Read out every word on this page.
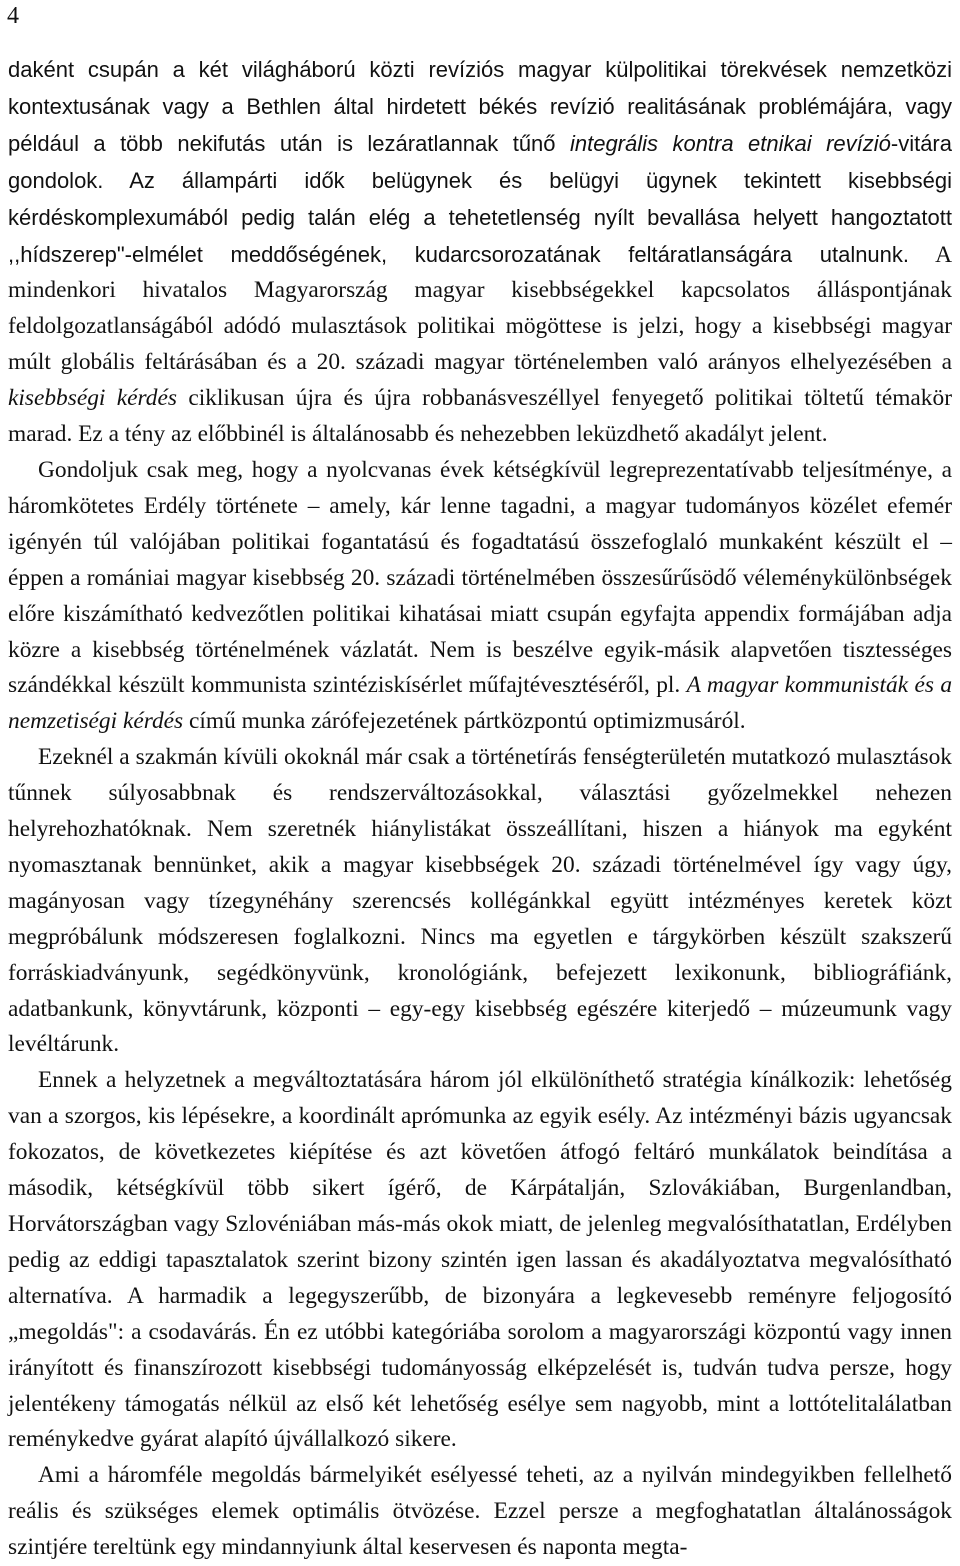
4

daként csupán a két világháború közti revíziós magyar külpolitikai törekvések nemzetközi kontextusának vagy a Bethlen által hirdetett békés revízió realitásának problémájára, vagy például a több nekifutás után is lezáratlannak tűnő integrális kontra etnikai revízió-vitára gondolok. Az állampárti idők belügynek és belügyi ügynek tekintett kisebbségi kérdéskomplexumából pedig talán elég a tehetetlenség nyílt bevallása helyett hangoztatott ,,hídszerep"-elmélet meddőségének, kudarcsorozatának feltáratlanságára utalnunk. A mindenkori hivatalos Magyarország magyar kisebbségekkel kapcsolatos álláspontjának feldolgozatlanságából adódó mulasztások politikai mögöttese is jelzi, hogy a kisebbségi magyar múlt globális feltárásában és a 20. századi magyar történelemben való arányos elhelyezésében a kisebbségi kérdés ciklikusan újra és újra robbanásveszéllyel fenyegető politikai töltetű témakör marad. Ez a tény az előbbinél is általánosabb és nehezebben leküzdhető akadályt jelent.

Gondoljuk csak meg, hogy a nyolcvanas évek kétségkívül legreprezentatívabb teljesítménye, a háromkötetes Erdély története – amely, kár lenne tagadni, a magyar tudományos közélet efemér igényén túl valójában politikai fogantatású és fogadtatású összefoglaló munkaként készült el – éppen a romániai magyar kisebbség 20. századi történelmében összesűrűsödő véleménykülönbségek előre kiszámítható kedvezőtlen politikai kihatásai miatt csupán egyfajta appendix formájában adja közre a kisebbség történelmének vázlatát. Nem is beszélve egyik-másik alapvetően tisztességes szándékkal készült kommunista szintéziskísérlet műfajtévesztéséről, pl. A magyar kommunisták és a nemzetiségi kérdés című munka zárófejezetének pártközpontú optimizmusáról.

Ezeknél a szakmán kívüli okoknál már csak a történetírás fenségterületén mutatkozó mulasztások tűnnek súlyosabbnak és rendszerváltozásokkal, választási győzelmekkel nehezen helyrehozhatóknak. Nem szeretnék hiánylistákat összeállítani, hiszen a hiányok ma egyként nyomasztanak bennünket, akik a magyar kisebbségek 20. századi történelmével így vagy úgy, magányosan vagy tízegynéhány szerencsés kollégánkkal együtt intézményes keretek közt megpróbálunk módszeresen foglalkozni. Nincs ma egyetlen e tárgykörben készült szakszerű forráskiadványunk, segédkönyvünk, kronológiánk, befejezett lexikonunk, bibliográfiánk, adatbankunk, könyvtárunk, központi – egy-egy kisebbség egészére kiterjedő – múzeumunk vagy levéltárunk.

Ennek a helyzetnek a megváltoztatására három jól elkülöníthető stratégia kínálkozik: lehetőség van a szorgos, kis lépésekre, a koordinált aprómunka az egyik esély. Az intézményi bázis ugyancsak fokozatos, de következetes kiépítése és azt követően átfogó feltáró munkálatok beindítása a második, kétségkívül több sikert ígérő, de Kárpátalján, Szlovákiában, Burgenlandban, Horvátországban vagy Szlovéniában más-más okok miatt, de jelenleg megvalósíthatatlan, Erdélyben pedig az eddigi tapasztalatok szerint bizony szintén igen lassan és akadályoztatva megvalósítható alternatíva. A harmadik a legegyszerűbb, de bizonyára a legkevesebb reményre feljogosító „megoldás": a csodavárás. Én ez utóbbi kategóriába sorolom a magyarországi központú vagy innen irányított és finanszírozott kisebbségi tudományosság elképzelését is, tudván tudva persze, hogy jelentékeny támogatás nélkül az első két lehetőség esélye sem nagyobb, mint a lottótelitalálatban reménykedve gyárat alapító újvállalkozó sikere.

Ami a háromféle megoldás bármelyikét esélyessé teheti, az a nyilván mindegyikben fellelhető reális és szükséges elemek optimális ötvözése. Ezzel persze a megfoghatatlan általánosságok szintjére tereltünk egy mindannyiunk által keservesen és naponta megta-
